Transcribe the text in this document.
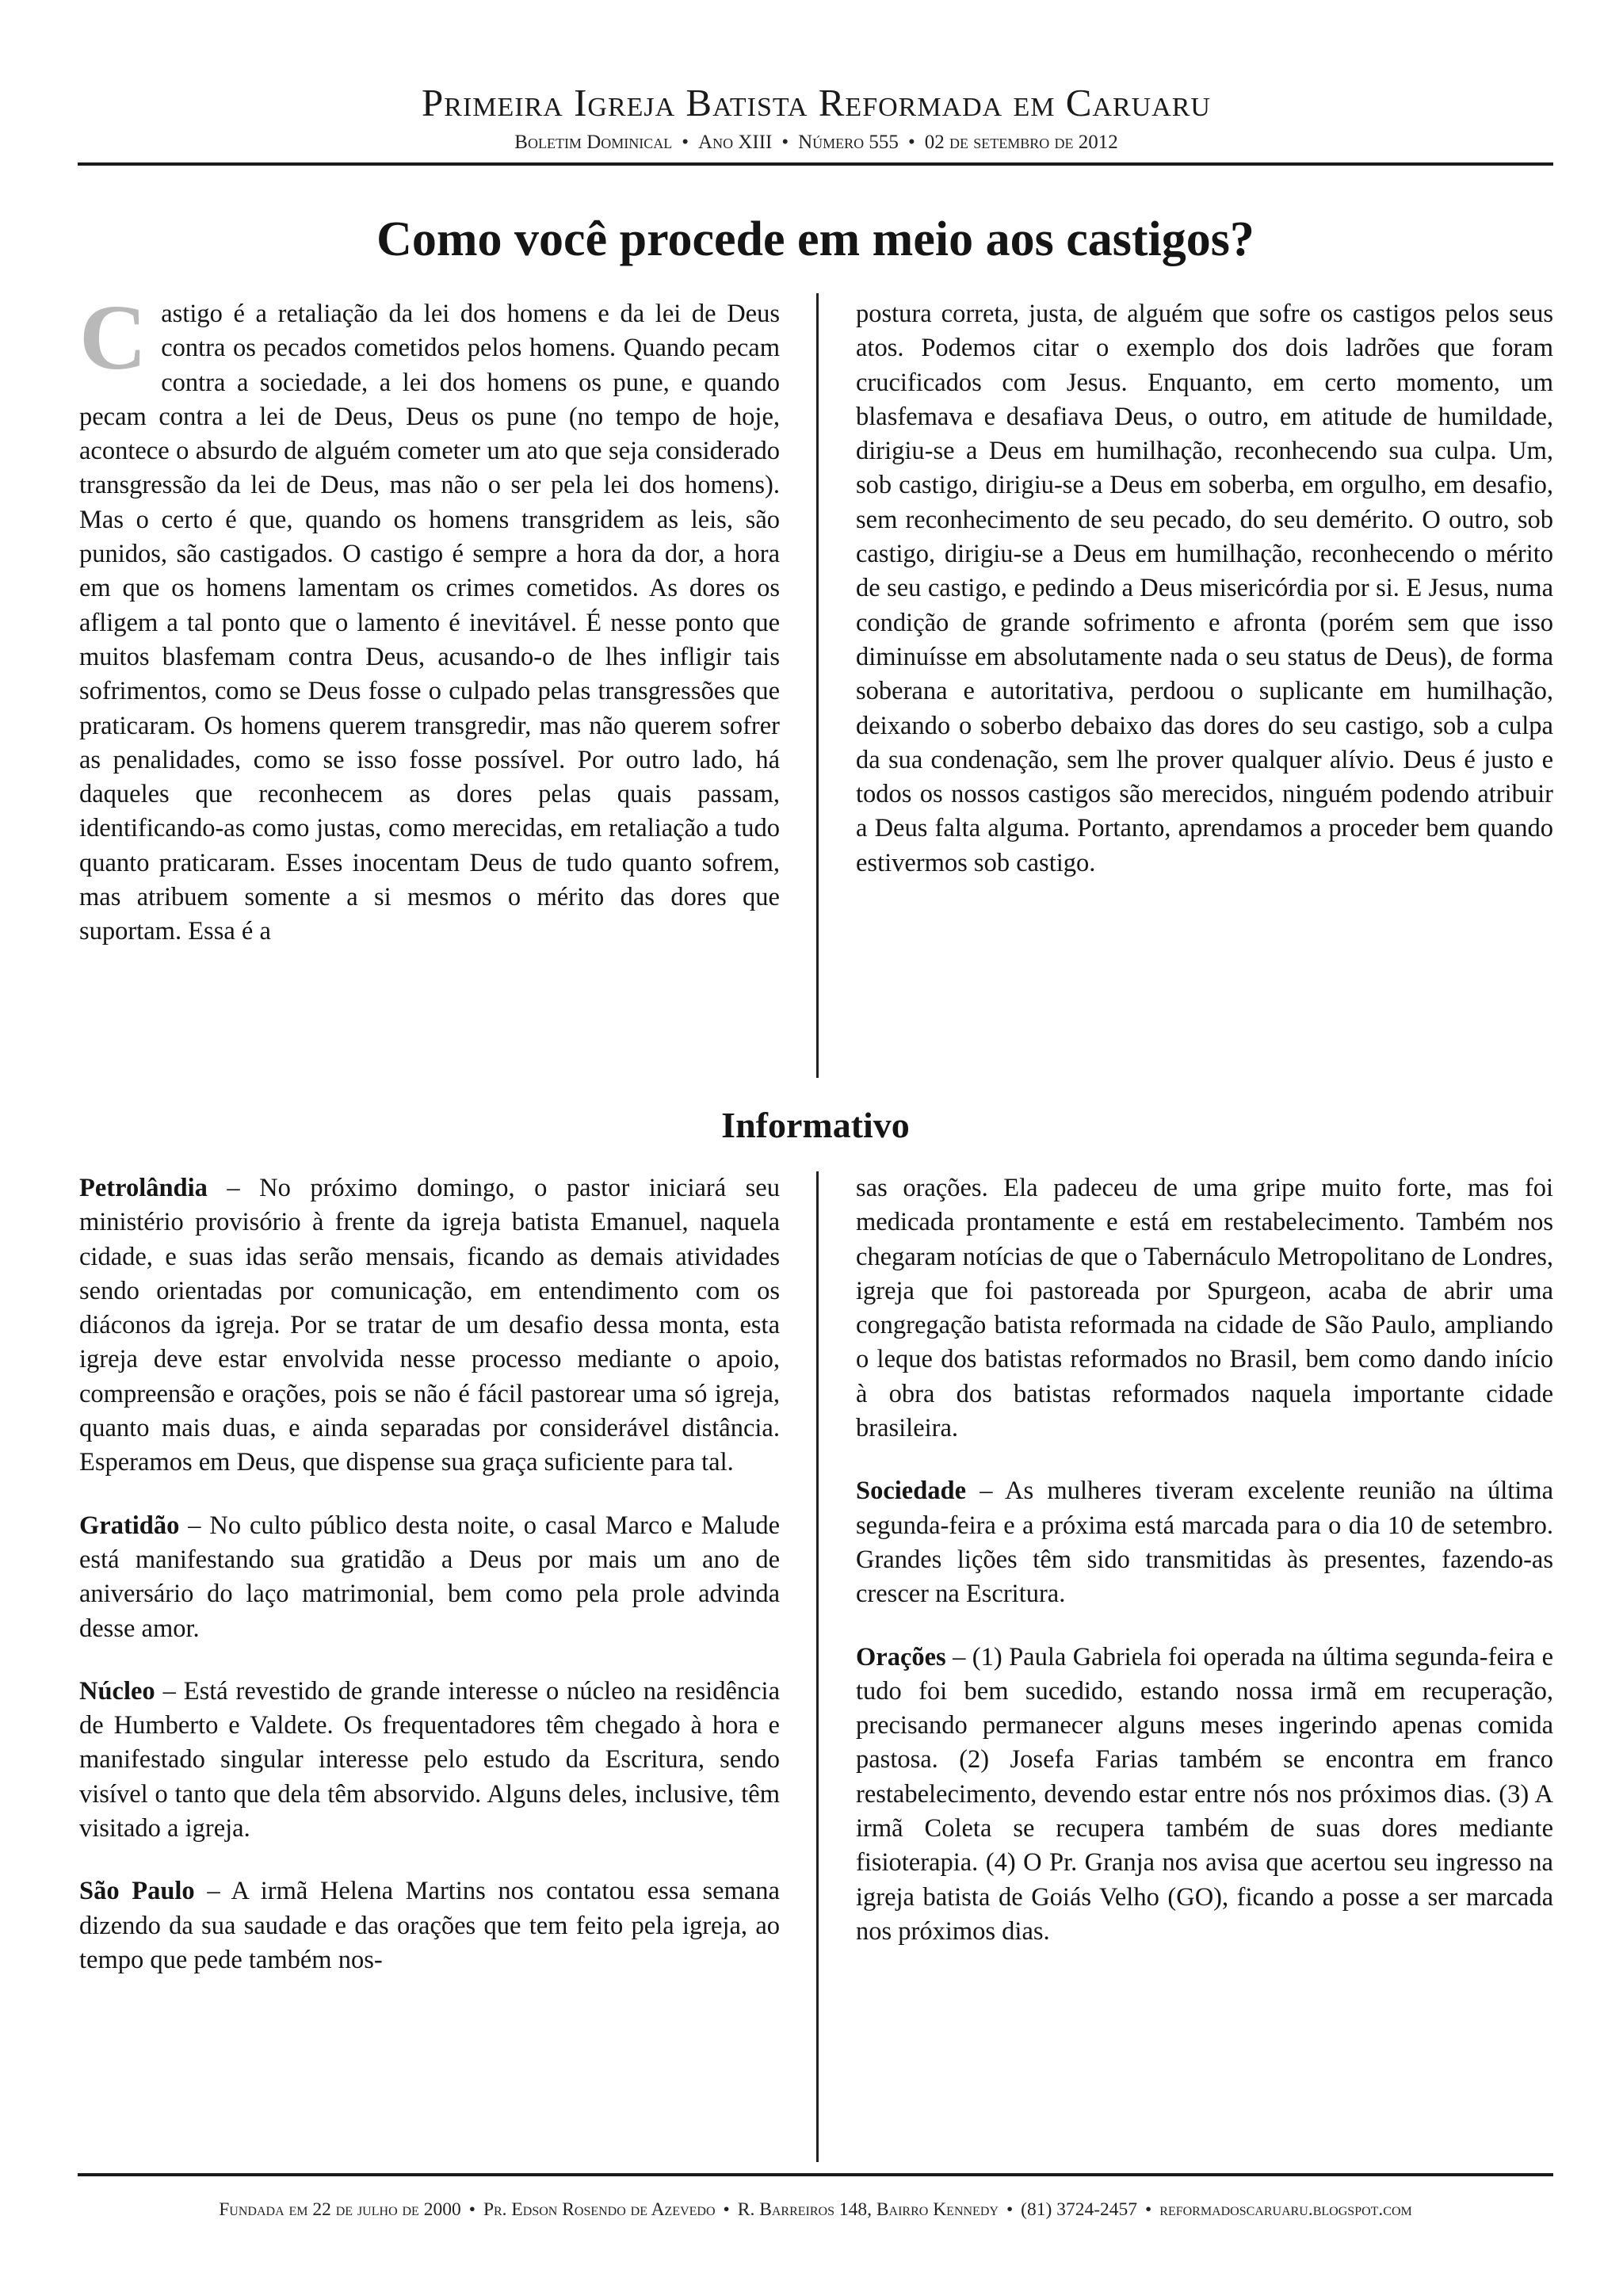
Primeira Igreja Batista Reformada em Caruaru
Boletim Dominical • Ano XIII • Número 555 • 02 de setembro de 2012
Como você procede em meio aos castigos?
C astigo é a retaliação da lei dos homens e da lei de Deus contra os pecados cometidos pelos homens. Quando pecam contra a sociedade, a lei dos homens os pune, e quando pecam contra a lei de Deus, Deus os pune (no tempo de hoje, acontece o absurdo de alguém cometer um ato que seja considerado transgressão da lei de Deus, mas não o ser pela lei dos homens). Mas o certo é que, quando os homens transgridem as leis, são punidos, são castigados. O castigo é sempre a hora da dor, a hora em que os homens lamentam os crimes cometidos. As dores os afligem a tal ponto que o lamento é inevitável. É nesse ponto que muitos blasfemam contra Deus, acusando-o de lhes infligir tais sofrimentos, como se Deus fosse o culpado pelas transgressões que praticaram. Os homens querem transgredir, mas não querem sofrer as penalidades, como se isso fosse possível. Por outro lado, há daqueles que reconhecem as dores pelas quais passam, identificando-as como justas, como merecidas, em retaliação a tudo quanto praticaram. Esses inocentam Deus de tudo quanto sofrem, mas atribuem somente a si mesmos o mérito das dores que suportam. Essa é a

postura correta, justa, de alguém que sofre os castigos pelos seus atos. Podemos citar o exemplo dos dois ladrões que foram crucificados com Jesus. Enquanto, em certo momento, um blasfemava e desafiava Deus, o outro, em atitude de humildade, dirigiu-se a Deus em humilhação, reconhecendo sua culpa. Um, sob castigo, dirigiu-se a Deus em soberba, em orgulho, em desafio, sem reconhecimento de seu pecado, do seu demérito. O outro, sob castigo, dirigiu-se a Deus em humilhação, reconhecendo o mérito de seu castigo, e pedindo a Deus misericórdia por si. E Jesus, numa condição de grande sofrimento e afronta (porém sem que isso diminuísse em absolutamente nada o seu status de Deus), de forma soberana e autoritativa, perdoou o suplicante em humilhação, deixando o soberbo debaixo das dores do seu castigo, sob a culpa da sua condenação, sem lhe prover qualquer alívio. Deus é justo e todos os nossos castigos são merecidos, ninguém podendo atribuir a Deus falta alguma. Portanto, aprendamos a proceder bem quando estivermos sob castigo.

Informativo

Petrolândia – No próximo domingo, o pastor iniciará seu ministério provisório à frente da igreja batista Emanuel, naquela cidade, e suas idas serão mensais, ficando as demais atividades sendo orientadas por comunicação, em entendimento com os diáconos da igreja. Por se tratar de um desafio dessa monta, esta igreja deve estar envolvida nesse processo mediante o apoio, compreensão e orações, pois se não é fácil pastorear uma só igreja, quanto mais duas, e ainda separadas por considerável distância. Esperamos em Deus, que dispense sua graça suficiente para tal.

Gratidão – No culto público desta noite, o casal Marco e Malude está manifestando sua gratidão a Deus por mais um ano de aniversário do laço matrimonial, bem como pela prole advinda desse amor.

Núcleo – Está revestido de grande interesse o núcleo na residência de Humberto e Valdete. Os frequentadores têm chegado à hora e manifestado singular interesse pelo estudo da Escritura, sendo visível o tanto que dela têm absorvido. Alguns deles, inclusive, têm visitado a igreja.

São Paulo – A irmã Helena Martins nos contatou essa semana dizendo da sua saudade e das orações que tem feito pela igreja, ao tempo que pede também nos-

sas orações. Ela padeceu de uma gripe muito forte, mas foi medicada prontamente e está em restabelecimento. Também nos chegaram notícias de que o Tabernáculo Metropolitano de Londres, igreja que foi pastoreada por Spurgeon, acaba de abrir uma congregação batista reformada na cidade de São Paulo, ampliando o leque dos batistas reformados no Brasil, bem como dando início à obra dos batistas reformados naquela importante cidade brasileira.

Sociedade – As mulheres tiveram excelente reunião na última segunda-feira e a próxima está marcada para o dia 10 de setembro. Grandes lições têm sido transmitidas às presentes, fazendo-as crescer na Escritura.

Orações – (1) Paula Gabriela foi operada na última segunda-feira e tudo foi bem sucedido, estando nossa irmã em recuperação, precisando permanecer alguns meses ingerindo apenas comida pastosa. (2) Josefa Farias também se encontra em franco restabelecimento, devendo estar entre nós nos próximos dias. (3) A irmã Coleta se recupera também de suas dores mediante fisioterapia. (4) O Pr. Granja nos avisa que acertou seu ingresso na igreja batista de Goiás Velho (GO), ficando a posse a ser marcada nos próximos dias.

Fundada em 22 de julho de 2000 • Pr. Edson Rosendo de Azevedo • R. Barreiros 148, Bairro Kennedy • (81) 3724-2457 • reformadoscaruaru.blogspot.com
